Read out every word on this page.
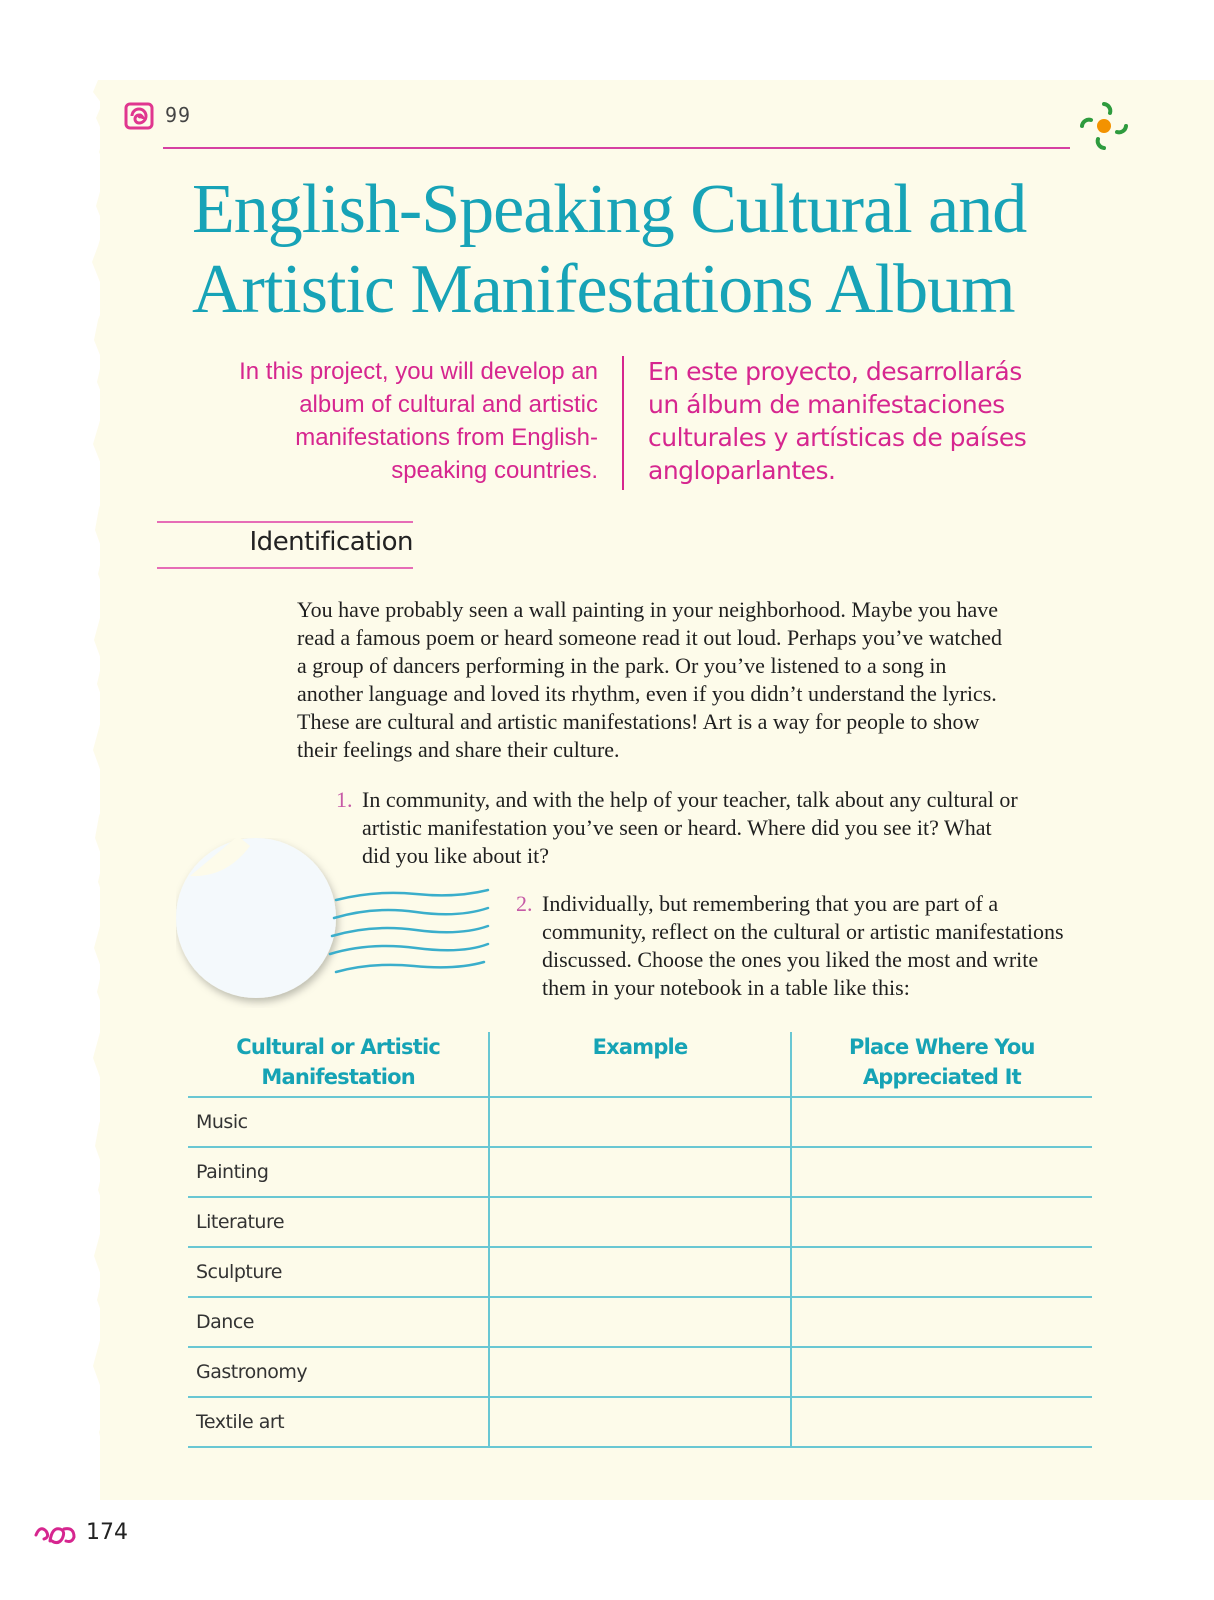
99
English-Speaking Cultural and Artistic Manifestations Album
In this project, you will develop an album of cultural and artistic manifestations from English-speaking countries.
En este proyecto, desarrollarás un álbum de manifestaciones culturales y artísticas de países angloparlantes.
Identification

You have probably seen a wall painting in your neighborhood. Maybe you have read a famous poem or heard someone read it out loud. Perhaps you’ve watched a group of dancers performing in the park. Or you’ve listened to a song in another language and loved its rhythm, even if you didn’t understand the lyrics. These are cultural and artistic manifestations! Art is a way for people to show their feelings and share their culture.

1. In community, and with the help of your teacher, talk about any cultural or artistic manifestation you’ve seen or heard. Where did you see it? What did you like about it?
2. Individually, but remembering that you are part of a community, reflect on the cultural or artistic manifestations discussed. Choose the ones you liked the most and write them in your notebook in a table like this:
Cultural or Artistic Manifestation	Example	Place Where You Appreciated It
Music		
Painting		
Literature		
Sculpture		
Dance		
Gastronomy		
Textile art		
174
